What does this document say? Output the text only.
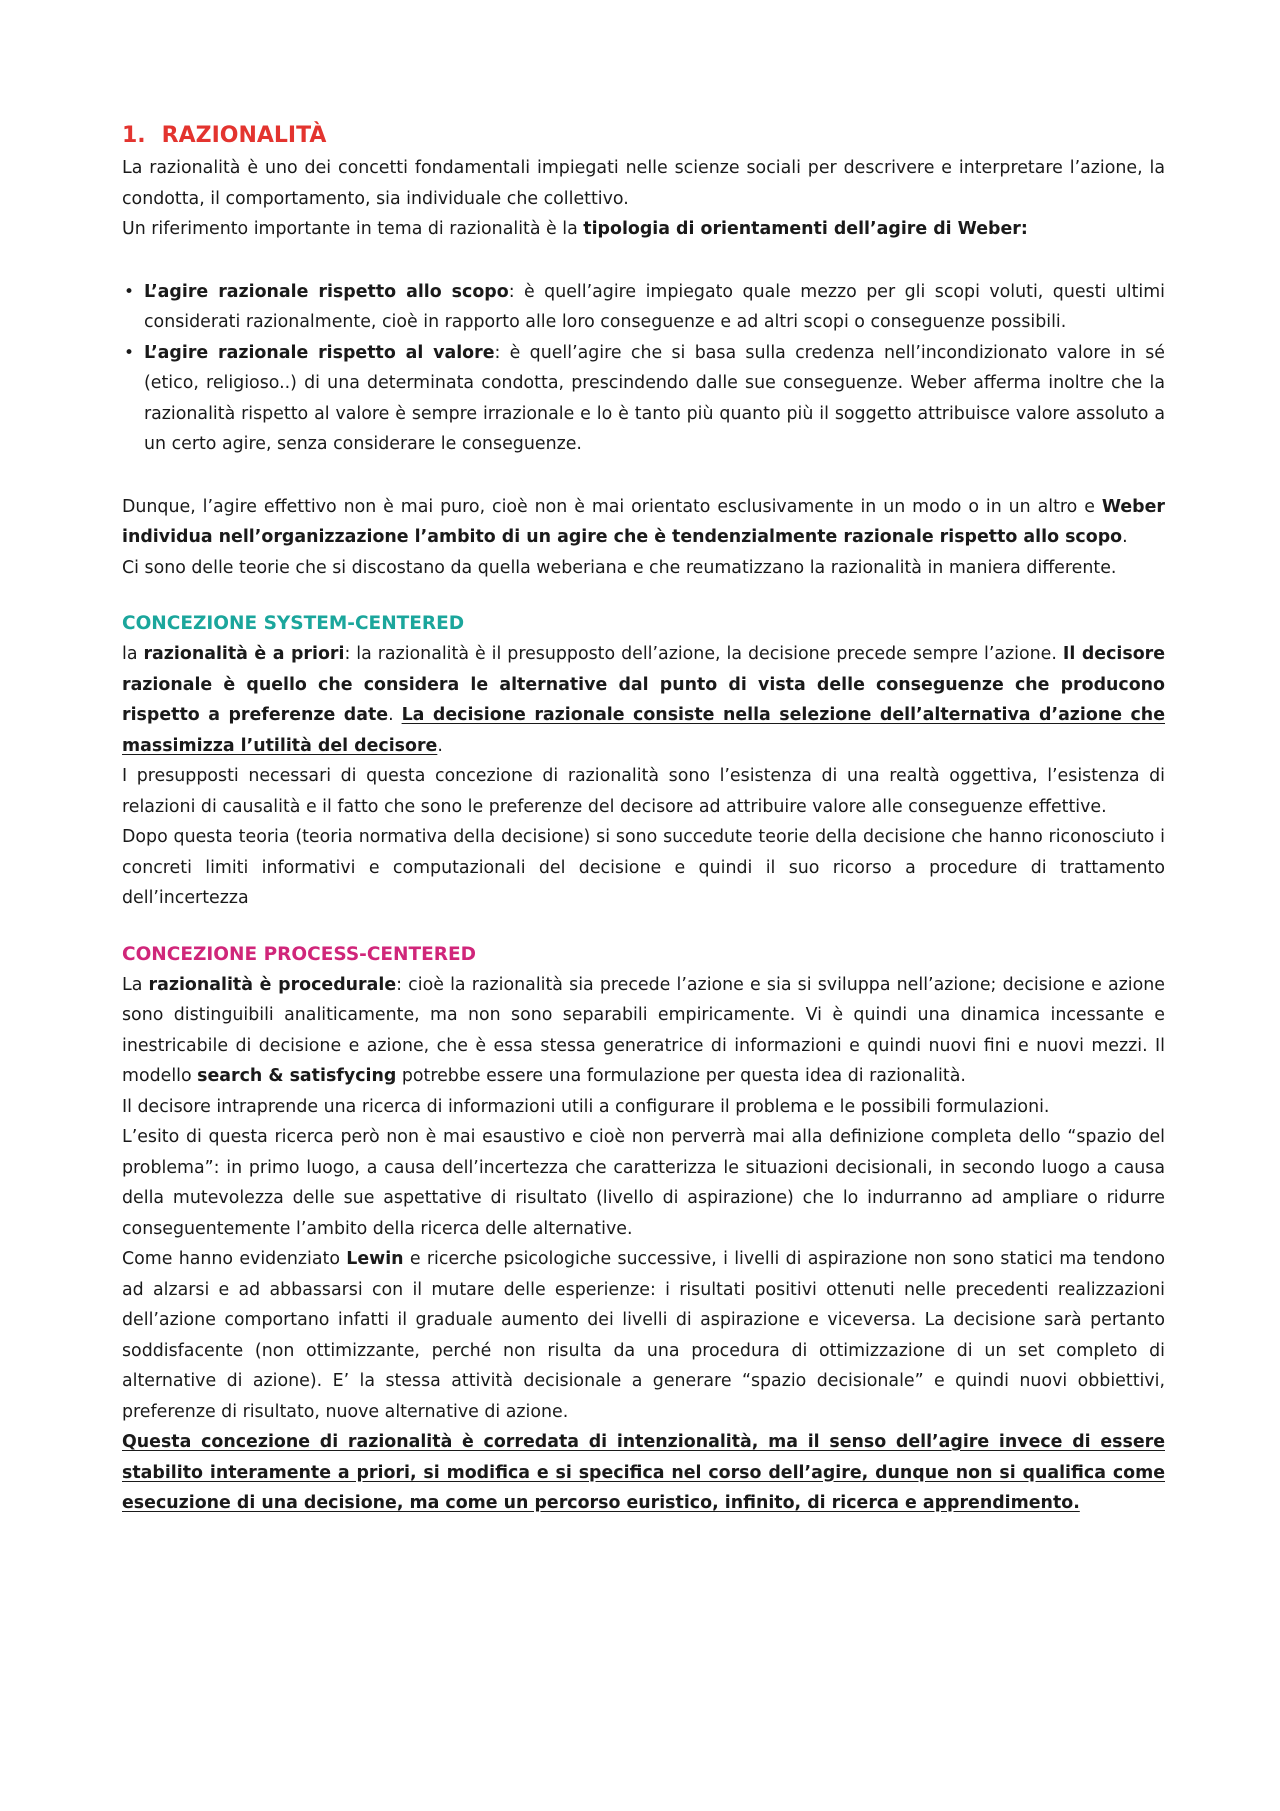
1. RAZIONALITÀ

La razionalità è uno dei concetti fondamentali impiegati nelle scienze sociali per descrivere e interpretare l’azione, la condotta, il comportamento, sia individuale che collettivo.

Un riferimento importante in tema di razionalità è la tipologia di orientamenti dell’agire di Weber:

• L’agire razionale rispetto allo scopo: è quell’agire impiegato quale mezzo per gli scopi voluti, questi ultimi considerati razionalmente, cioè in rapporto alle loro conseguenze e ad altri scopi o conseguenze possibili.
• L’agire razionale rispetto al valore: è quell’agire che si basa sulla credenza nell’incondizionato valore in sé (etico, religioso..) di una determinata condotta, prescindendo dalle sue conseguenze. Weber afferma inoltre che la razionalità rispetto al valore è sempre irrazionale e lo è tanto più quanto più il soggetto attribuisce valore assoluto a un certo agire, senza considerare le conseguenze.

Dunque, l’agire effettivo non è mai puro, cioè non è mai orientato esclusivamente in un modo o in un altro e Weber individua nell’organizzazione l’ambito di un agire che è tendenzialmente razionale rispetto allo scopo.

Ci sono delle teorie che si discostano da quella weberiana e che reumatizzano la razionalità in maniera differente.

CONCEZIONE SYSTEM-CENTERED

la razionalità è a priori: la razionalità è il presupposto dell’azione, la decisione precede sempre l’azione. Il decisore razionale è quello che considera le alternative dal punto di vista delle conseguenze che producono rispetto a preferenze date. La decisione razionale consiste nella selezione dell’alternativa d’azione che massimizza l’utilità del decisore.

I presupposti necessari di questa concezione di razionalità sono l’esistenza di una realtà oggettiva, l’esistenza di relazioni di causalità e il fatto che sono le preferenze del decisore ad attribuire valore alle conseguenze effettive.

Dopo questa teoria (teoria normativa della decisione) si sono succedute teorie della decisione che hanno riconosciuto i concreti limiti informativi e computazionali del decisione e quindi il suo ricorso a procedure di trattamento dell’incertezza

CONCEZIONE PROCESS-CENTERED

La razionalità è procedurale: cioè la razionalità sia precede l’azione e sia si sviluppa nell’azione; decisione e azione sono distinguibili analiticamente, ma non sono separabili empiricamente. Vi è quindi una dinamica incessante e inestricabile di decisione e azione, che è essa stessa generatrice di informazioni e quindi nuovi fini e nuovi mezzi. Il modello search & satisfycing potrebbe essere una formulazione per questa idea di razionalità.

Il decisore intraprende una ricerca di informazioni utili a configurare il problema e le possibili formulazioni.

L’esito di questa ricerca però non è mai esaustivo e cioè non perverrà mai alla definizione completa dello “spazio del problema”: in primo luogo, a causa dell’incertezza che caratterizza le situazioni decisionali, in secondo luogo a causa della mutevolezza delle sue aspettative di risultato (livello di aspirazione) che lo indurranno ad ampliare o ridurre conseguentemente l’ambito della ricerca delle alternative.

Come hanno evidenziato Lewin e ricerche psicologiche successive, i livelli di aspirazione non sono statici ma tendono ad alzarsi e ad abbassarsi con il mutare delle esperienze: i risultati positivi ottenuti nelle precedenti realizzazioni dell’azione comportano infatti il graduale aumento dei livelli di aspirazione e viceversa. La decisione sarà pertanto soddisfacente (non ottimizzante, perché non risulta da una procedura di ottimizzazione di un set completo di alternative di azione). E’ la stessa attività decisionale a generare “spazio decisionale” e quindi nuovi obbiettivi, preferenze di risultato, nuove alternative di azione.

Questa concezione di razionalità è corredata di intenzionalità, ma il senso dell’agire invece di essere stabilito interamente a priori, si modifica e si specifica nel corso dell’agire, dunque non si qualifica come esecuzione di una decisione, ma come un percorso euristico, infinito, di ricerca e apprendimento.
